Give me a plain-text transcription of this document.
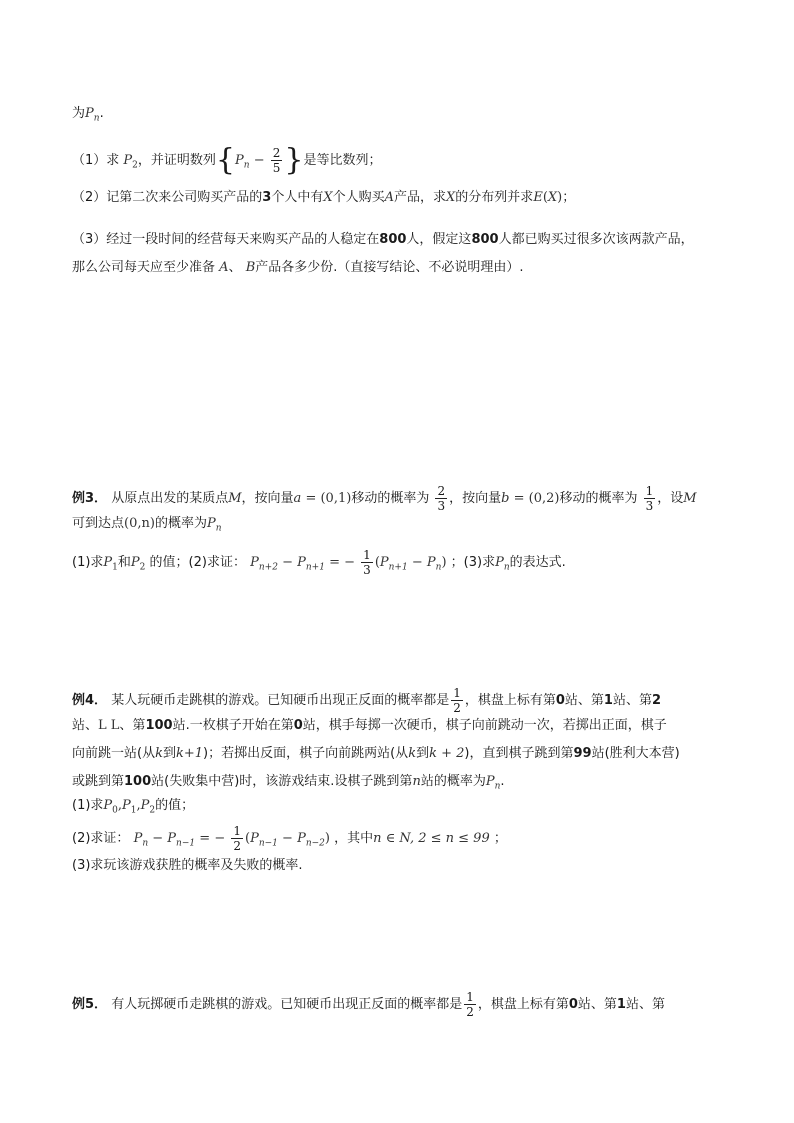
为$P_n$.
（1）求 $P_2$，并证明数列{$P_n - \frac{2}{5}$ }是等比数列；
（2）记第二次来公司购买产品的3个人中有X个人购买A产品，求X的分布列并求E(X)；
（3）经过一段时间的经营每天来购买产品的人稳定在800人，假定这800人都已购买过很多次该两款产品，
那么公司每天应至少准备 A、 B产品各多少份.（直接写结论、不必说明理由）.
例3． 从原点出发的某质点M，按向量a = (0,1)移动的概率为 $\frac{2}{3}$ ，按向量b = (0,2)移动的概率为 $\frac{1}{3}$ ，设M
可到达点(0,n)的概率为$P_n$
(1)求$P_1$和$P_2$ 的值；(2)求证： $P_{n+2} - P_{n+1}$ = − $\frac{1}{3} (P_{n+1} - P_n)$ ；(3)求$P_n$的表达式.
例4． 某人玩硬币走跳棋的游戏。已知硬币出现正反面的概率都是 $\frac{1}{2}$ ，棋盘上标有第0站、第1站、第2
站、L L、第100站.一枚棋子开始在第0站，棋手每掷一次硬币，棋子向前跳动一次，若掷出正面，棋子
向前跳一站(从k到k+1)；若掷出反面，棋子向前跳两站(从k到k + 2)，直到棋子跳到第99站(胜利大本营)
或跳到第100站(失败集中营)时，该游戏结束.设棋子跳到第n站的概率为$P_n$.
(1)求$P_0,P_1,P_2$的值；
(2)求证： $P_n - P_{n-1}$ = − $\frac{1}{2} (P_{n-1} - P_{n-2})$ ，其中n ∈ N, 2 ≤ n ≤ 99 ；
(3)求玩该游戏获胜的概率及失败的概率.
例5． 有人玩掷硬币走跳棋的游戏。已知硬币出现正反面的概率都是 $\frac{1}{2}$ ，棋盘上标有第0站、第1站、第
